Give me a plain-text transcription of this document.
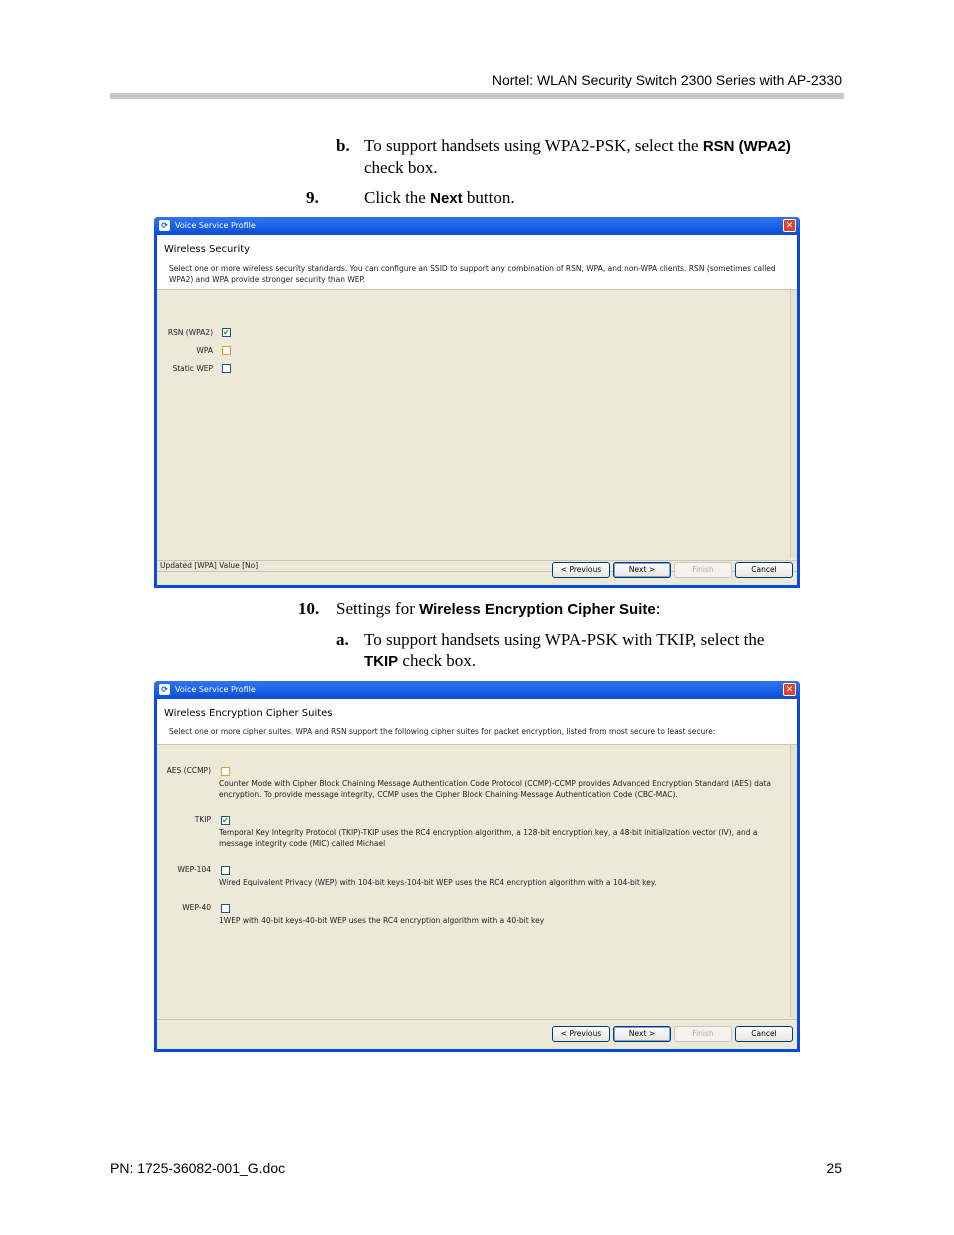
Nortel: WLAN Security Switch 2300 Series with AP-2330
b. To support handsets using WPA2-PSK, select the RSN (WPA2)
check box.
9.	Click the Next button.
⟳ Voice Service Profile	✕
Wireless Security
Select one or more wireless security standards. You can configure an SSID to support any combination of RSN, WPA, and non-WPA clients. RSN (sometimes called WPA2) and WPA provide stronger security than WEP.
RSN (WPA2) ✔
WPA
Static WEP
Updated [WPA] Value [No]	< Previous	Next >	Finish	Cancel
10. Settings for Wireless Encryption Cipher Suite:
a. To support handsets using WPA-PSK with TKIP, select the
TKIP check box.
⟳ Voice Service Profile	✕
Wireless Encryption Cipher Suites
Select one or more cipher suites. WPA and RSN support the following cipher suites for packet encryption, listed from most secure to least secure:
AES (CCMP)
Counter Mode with Cipher Block Chaining Message Authentication Code Protocol (CCMP)-CCMP provides Advanced Encryption Standard (AES) data encryption. To provide message integrity, CCMP uses the Cipher Block Chaining Message Authentication Code (CBC-MAC).
TKIP ✔
Temporal Key Integrity Protocol (TKIP)-TKIP uses the RC4 encryption algorithm, a 128-bit encryption key, a 48-bit initialization vector (IV), and a message integrity code (MIC) called Michael
WEP-104
Wired Equivalent Privacy (WEP) with 104-bit keys-104-bit WEP uses the RC4 encryption algorithm with a 104-bit key.
WEP-40
1WEP with 40-bit keys-40-bit WEP uses the RC4 encryption algorithm with a 40-bit key
< Previous	Next >	Finish	Cancel
PN: 1725-36082-001_G.doc	25
